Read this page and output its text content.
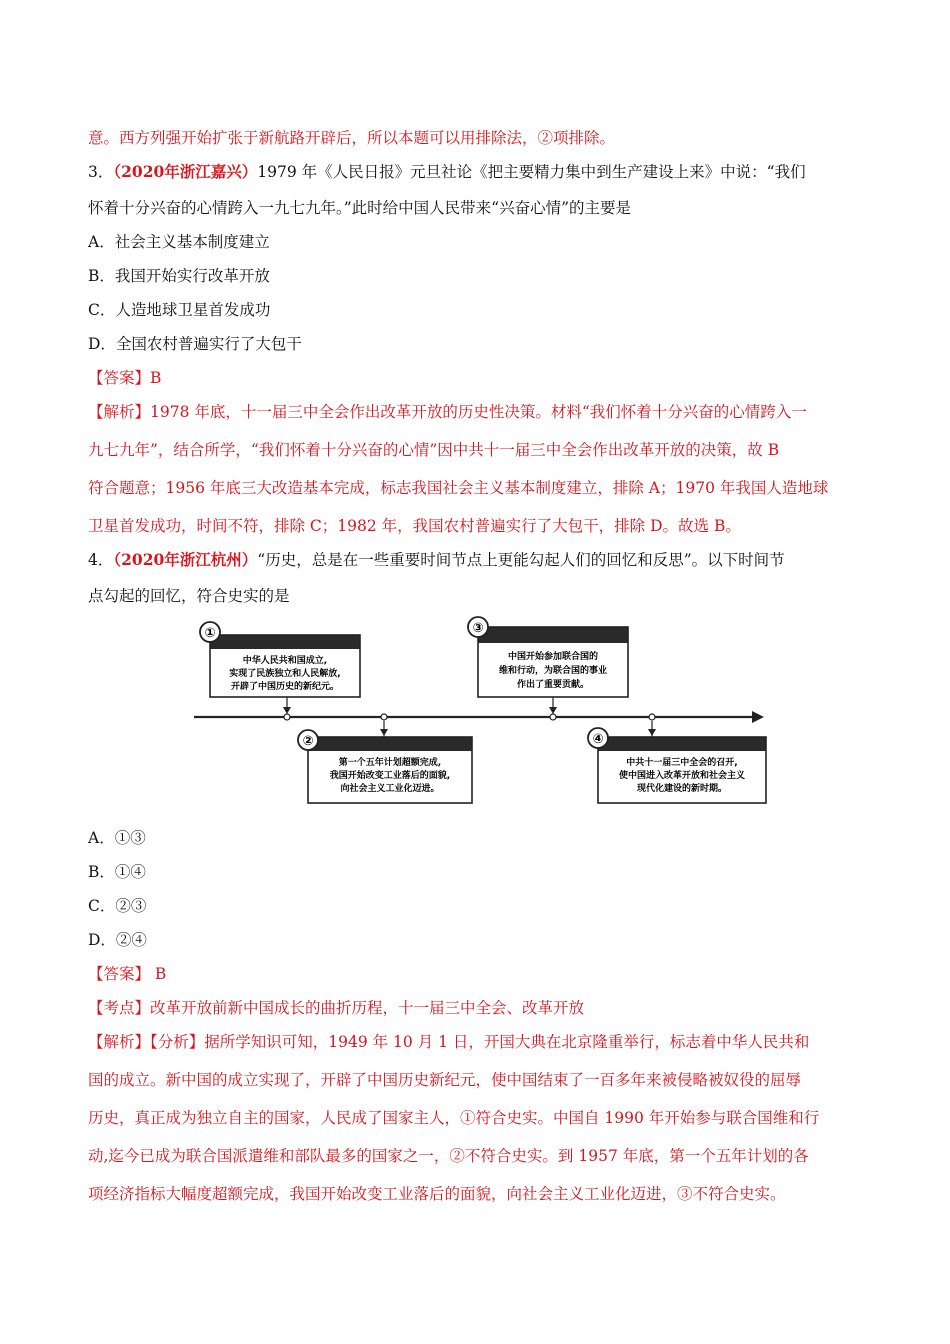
意。西方列强开始扩张于新航路开辟后，所以本题可以用排除法，②项排除。
3．（2020年浙江嘉兴）1979 年《人民日报》元旦社论《把主要精力集中到生产建设上来》中说：“我们
怀着十分兴奋的心情跨入一九七九年。”此时给中国人民带来“兴奋心情”的主要是
A．社会主义基本制度建立
B．我国开始实行改革开放
C．人造地球卫星首发成功
D．全国农村普遍实行了大包干
【答案】B
【解析】1978 年底，十一届三中全会作出改革开放的历史性决策。材料“我们怀着十分兴奋的心情跨入一
九七九年”，结合所学，“我们怀着十分兴奋的心情”因中共十一届三中全会作出改革开放的决策，故 B
符合题意；1956 年底三大改造基本完成，标志我国社会主义基本制度建立，排除 A；1970 年我国人造地球
卫星首发成功，时间不符，排除 C；1982 年，我国农村普遍实行了大包干，排除 D。故选 B。
4．（2020年浙江杭州）“历史，总是在一些重要时间节点上更能勾起人们的回忆和反思”。以下时间节
点勾起的回忆，符合史实的是
A．①③
B．①④
C．②③
D．②④
【答案】 B
【考点】改革开放前新中国成长的曲折历程，十一届三中全会、改革开放
【解析】【分析】据所学知识可知，1949 年 10 月 1 日，开国大典在北京隆重举行，标志着中华人民共和
国的成立。新中国的成立实现了，开辟了中国历史新纪元，使中国结束了一百多年来被侵略被奴役的屈辱
历史，真正成为独立自主的国家，人民成了国家主人，①符合史实。中国自 1990 年开始参与联合国维和行
动,迄今已成为联合国派遣维和部队最多的国家之一，②不符合史实。到 1957 年底，第一个五年计划的各
项经济指标大幅度超额完成，我国开始改变工业落后的面貌，向社会主义工业化迈进，③不符合史实。
①
中华人民共和国成立,
实现了民族独立和人民解放,
开辟了中国历史的新纪元。
②
第一个五年计划超额完成,
我国开始改变工业落后的面貌,
向社会主义工业化迈进。
③
中国开始参加联合国的
维和行动，为联合国的事业
作出了重要贡献。
④
中共十一届三中全会的召开,
使中国进入改革开放和社会主义
现代化建设的新时期。
